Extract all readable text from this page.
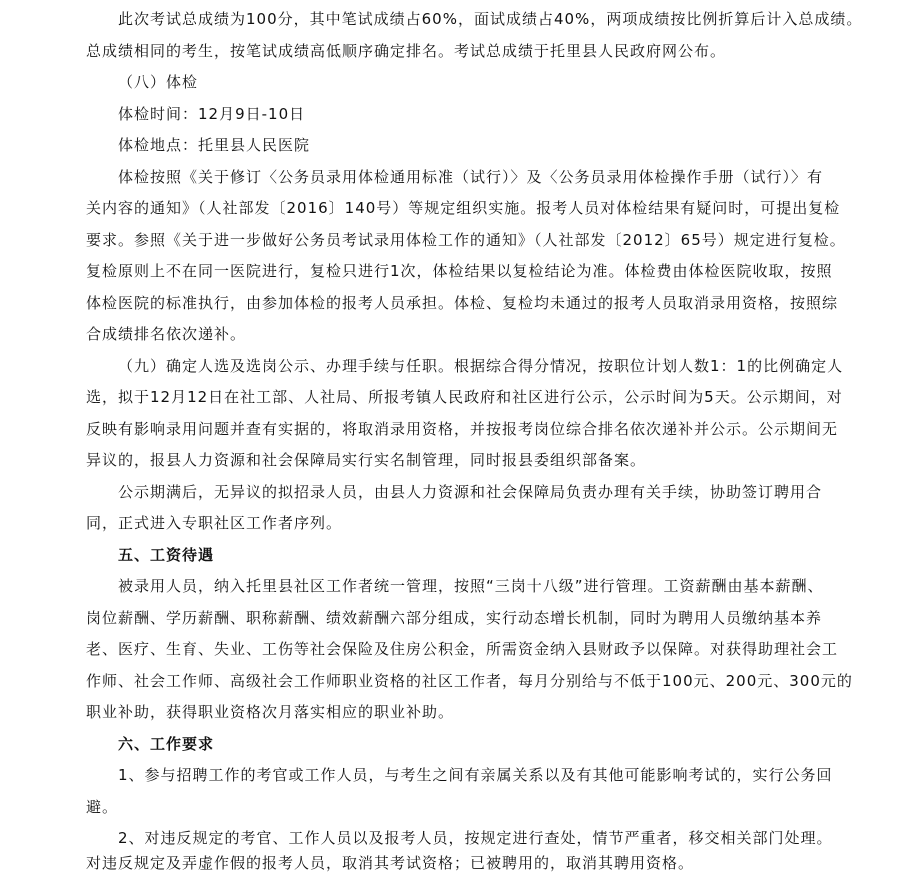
此次考试总成绩为100分，其中笔试成绩占60%，面试成绩占40%，两项成绩按比例折算后计入总成绩。
总成绩相同的考生，按笔试成绩高低顺序确定排名。考试总成绩于托里县人民政府网公布。
（八）体检
体检时间：12月9日-10日
体检地点：托里县人民医院
体检按照《关于修订〈公务员录用体检通用标准（试行）〉及〈公务员录用体检操作手册（试行）〉有
关内容的通知》（人社部发〔2016〕140号）等规定组织实施。报考人员对体检结果有疑问时，可提出复检
要求。参照《关于进一步做好公务员考试录用体检工作的通知》（人社部发〔2012〕65号）规定进行复检。
复检原则上不在同一医院进行，复检只进行1次，体检结果以复检结论为准。体检费由体检医院收取，按照
体检医院的标准执行，由参加体检的报考人员承担。体检、复检均未通过的报考人员取消录用资格，按照综
合成绩排名依次递补。
（九）确定人选及选岗公示、办理手续与任职。根据综合得分情况，按职位计划人数1：1的比例确定人
选，拟于12月12日在社工部、人社局、所报考镇人民政府和社区进行公示，公示时间为5天。公示期间，对
反映有影响录用问题并查有实据的，将取消录用资格，并按报考岗位综合排名依次递补并公示。公示期间无
异议的，报县人力资源和社会保障局实行实名制管理，同时报县委组织部备案。
公示期满后，无异议的拟招录人员，由县人力资源和社会保障局负责办理有关手续，协助签订聘用合
同，正式进入专职社区工作者序列。
五、工资待遇
被录用人员，纳入托里县社区工作者统一管理，按照“三岗十八级”进行管理。工资薪酬由基本薪酬、
岗位薪酬、学历薪酬、职称薪酬、绩效薪酬六部分组成，实行动态增长机制，同时为聘用人员缴纳基本养
老、医疗、生育、失业、工伤等社会保险及住房公积金，所需资金纳入县财政予以保障。对获得助理社会工
作师、社会工作师、高级社会工作师职业资格的社区工作者，每月分别给与不低于100元、200元、300元的
职业补助，获得职业资格次月落实相应的职业补助。
六、工作要求
1、参与招聘工作的考官或工作人员，与考生之间有亲属关系以及有其他可能影响考试的，实行公务回
避。
2、对违反规定的考官、工作人员以及报考人员，按规定进行查处，情节严重者，移交相关部门处理。
对违反规定及弄虚作假的报考人员，取消其考试资格；已被聘用的，取消其聘用资格。
